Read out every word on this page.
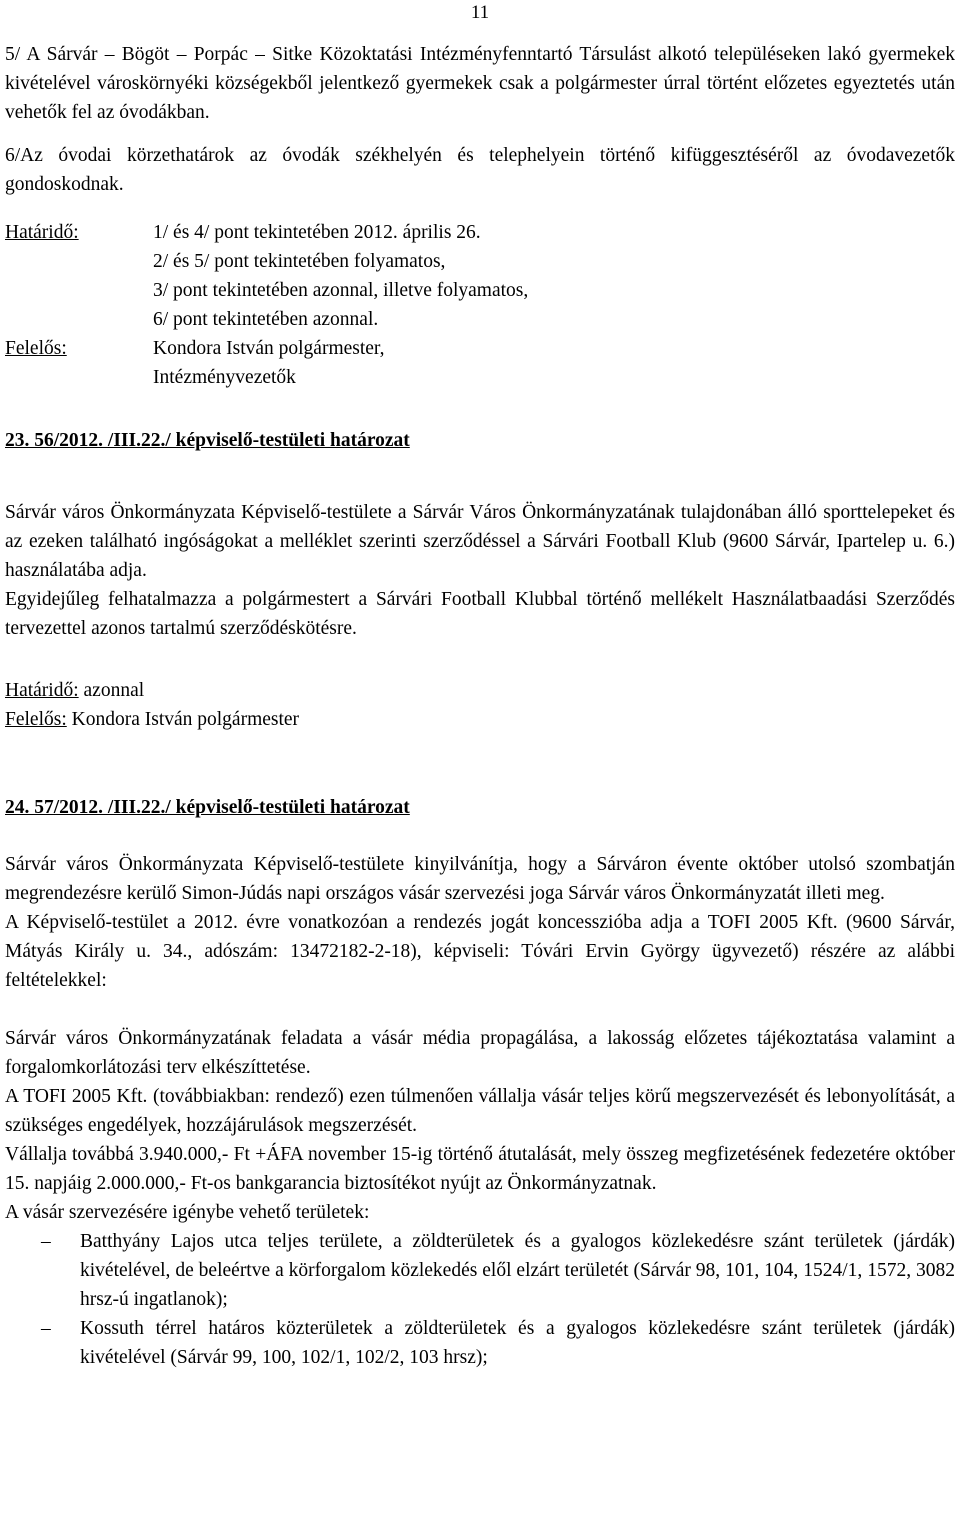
11

5/ A Sárvár – Bögöt – Porpác – Sitke Közoktatási Intézményfenntartó Társulást alkotó településeken lakó gyermekek kivételével városkörnyéki községekből jelentkező gyermekek csak a polgármester úrral történt előzetes egyeztetés után vehetők fel az óvodákban.

6/Az óvodai körzethatárok az óvodák székhelyén és telephelyein történő kifüggesztéséről az óvodavezetők gondoskodnak.

Határidő:	1/ és 4/ pont tekintetében 2012. április 26.
2/ és 5/ pont tekintetében folyamatos,
3/ pont tekintetében azonnal, illetve folyamatos,
6/ pont tekintetében azonnal.
Felelős:	Kondora István polgármester,
Intézményvezetők

23. 56/2012. /III.22./ képviselő-testületi határozat

Sárvár város Önkormányzata Képviselő-testülete a Sárvár Város Önkormányzatának tulajdonában álló sporttelepeket és az ezeken található ingóságokat a melléklet szerinti szerződéssel a Sárvári Football Klub (9600 Sárvár, Ipartelep u. 6.) használatába adja.

Egyidejűleg felhatalmazza a polgármestert a Sárvári Football Klubbal történő mellékelt Használatbaadási Szerződés tervezettel azonos tartalmú szerződéskötésre.

Határidő: azonnal

Felelős: Kondora István polgármester

24. 57/2012. /III.22./ képviselő-testületi határozat

Sárvár város Önkormányzata Képviselő-testülete kinyilvánítja, hogy a Sárváron évente október utolsó szombatján megrendezésre kerülő Simon-Júdás napi országos vásár szervezési joga Sárvár város Önkormányzatát illeti meg.

A Képviselő-testület a 2012. évre vonatkozóan a rendezés jogát koncesszióba adja a TOFI 2005 Kft. (9600 Sárvár, Mátyás Király u. 34., adószám: 13472182-2-18), képviseli: Tóvári Ervin György ügyvezető) részére az alábbi feltételekkel:

Sárvár város Önkormányzatának feladata a vásár média propagálása, a lakosság előzetes tájékoztatása valamint a forgalomkorlátozási terv elkészíttetése.

A TOFI 2005 Kft. (továbbiakban: rendező) ezen túlmenően vállalja vásár teljes körű megszervezését és lebonyolítását, a szükséges engedélyek, hozzájárulások megszerzését.

Vállalja továbbá 3.940.000,- Ft +ÁFA november 15-ig történő átutalását, mely összeg megfizetésének fedezetére október 15. napjáig 2.000.000,- Ft-os bankgarancia biztosítékot nyújt az Önkormányzatnak.

A vásár szervezésére igénybe vehető területek:

– Batthyány Lajos utca teljes területe, a zöldterületek és a gyalogos közlekedésre szánt területek (járdák) kivételével, de beleértve a körforgalom közlekedés elől elzárt területét (Sárvár 98, 101, 104, 1524/1, 1572, 3082 hrsz-ú ingatlanok);
– Kossuth térrel határos közterületek a zöldterületek és a gyalogos közlekedésre szánt területek (járdák) kivételével (Sárvár 99, 100, 102/1, 102/2, 103 hrsz);
